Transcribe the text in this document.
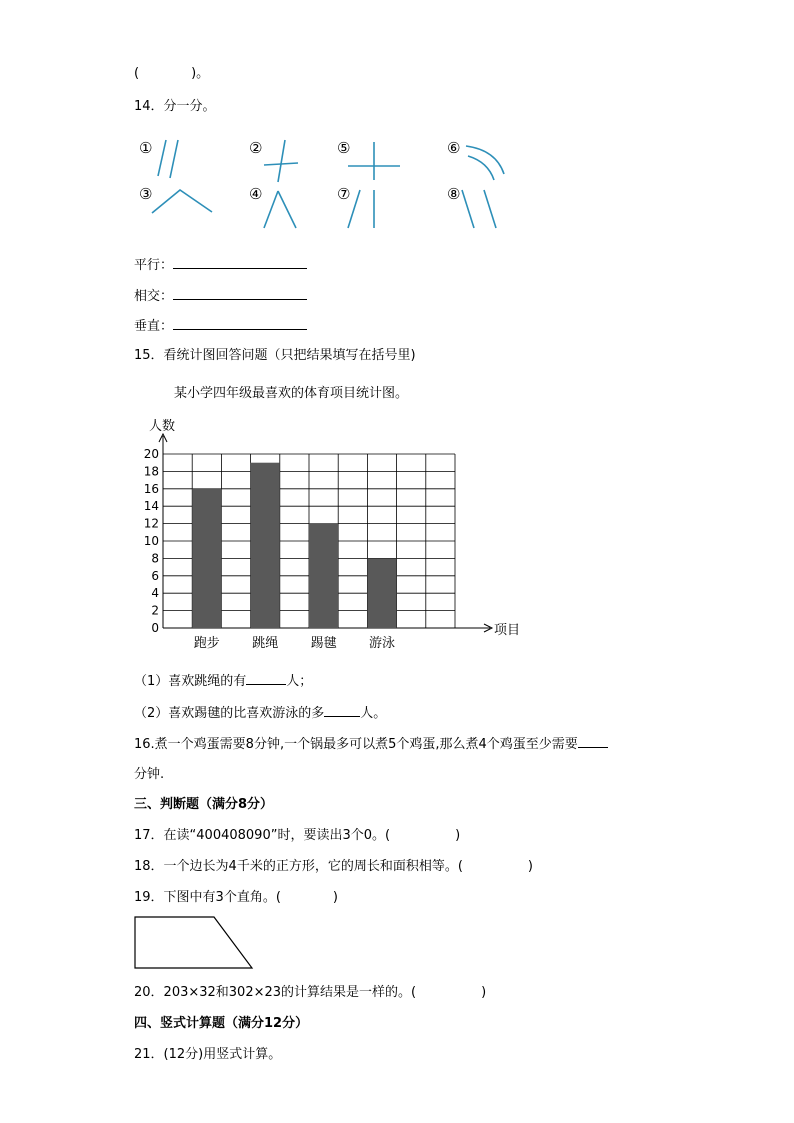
(　　　　)。
14．分一分。
①	②	⑤	⑥
③	④	⑦	⑧
平行：
相交：
垂直：
15．看统计图回答问题（只把结果填写在括号里)
某小学四年级最喜欢的体育项目统计图。
0
2
4
6
8
10
12
14
16
18
20
人数
项目
跑步 跳绳 踢毽 游泳
（1）喜欢跳绳的有	人；
（2）喜欢踢毽的比喜欢游泳的多	人。
16.煮一个鸡蛋需要8分钟,一个锅最多可以煮5个鸡蛋,那么煮4个鸡蛋至少需要
分钟.
三、判断题（满分8分）
17．在读“400408090”时，要读出3个0。(　　　　　)
18．一个边长为4千米的正方形，它的周长和面积相等。(　　　　　)
19．下图中有3个直角。(　　　　)
20．203×32和302×23的计算结果是一样的。(　　　　　)
四、竖式计算题（满分12分）
21．(12分)用竖式计算。
